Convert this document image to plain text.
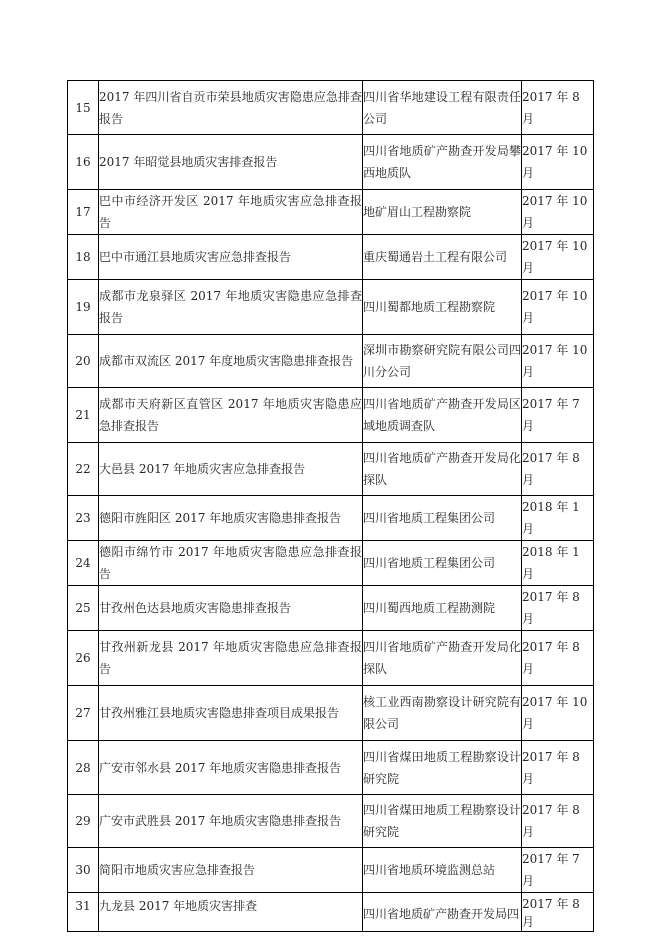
15	2017 年四川省自贡市荣县地质灾害隐患应急排查报告	四川省华地建设工程有限责任公司	2017 年 8 月
16	2017 年昭觉县地质灾害排查报告	四川省地质矿产勘查开发局攀西地质队	2017 年 10 月
17	巴中市经济开发区 2017 年地质灾害应急排查报告	地矿眉山工程勘察院	2017 年 10 月
18	巴中市通江县地质灾害应急排查报告	重庆蜀通岩土工程有限公司	2017 年 10 月
19	成都市龙泉驿区 2017 年地质灾害隐患应急排查报告	四川蜀都地质工程勘察院	2017 年 10 月
20	成都市双流区 2017 年度地质灾害隐患排查报告	深圳市勘察研究院有限公司四川分公司	2017 年 10 月
21	成都市天府新区直管区 2017 年地质灾害隐患应急排查报告	四川省地质矿产勘查开发局区域地质调查队	2017 年 7 月
22	大邑县 2017 年地质灾害应急排查报告	四川省地质矿产勘查开发局化探队	2017 年 8 月
23	德阳市旌阳区 2017 年地质灾害隐患排查报告	四川省地质工程集团公司	2018 年 1 月
24	德阳市绵竹市 2017 年地质灾害隐患应急排查报告	四川省地质工程集团公司	2018 年 1 月
25	甘孜州色达县地质灾害隐患排查报告	四川蜀西地质工程勘测院	2017 年 8 月
26	甘孜州新龙县 2017 年地质灾害隐患应急排查报告	四川省地质矿产勘查开发局化探队	2017 年 8 月
27	甘孜州雅江县地质灾害隐患排查项目成果报告	核工业西南勘察设计研究院有限公司	2017 年 10 月
28	广安市邻水县 2017 年地质灾害隐患排查报告	四川省煤田地质工程勘察设计研究院	2017 年 8 月
29	广安市武胜县 2017 年地质灾害隐患排查报告	四川省煤田地质工程勘察设计研究院	2017 年 8 月
30	简阳市地质灾害应急排查报告	四川省地质环境监测总站	2017 年 7 月
31	九龙县 2017 年地质灾害排查	四川省地质矿产勘查开发局四	2017 年 8 月
